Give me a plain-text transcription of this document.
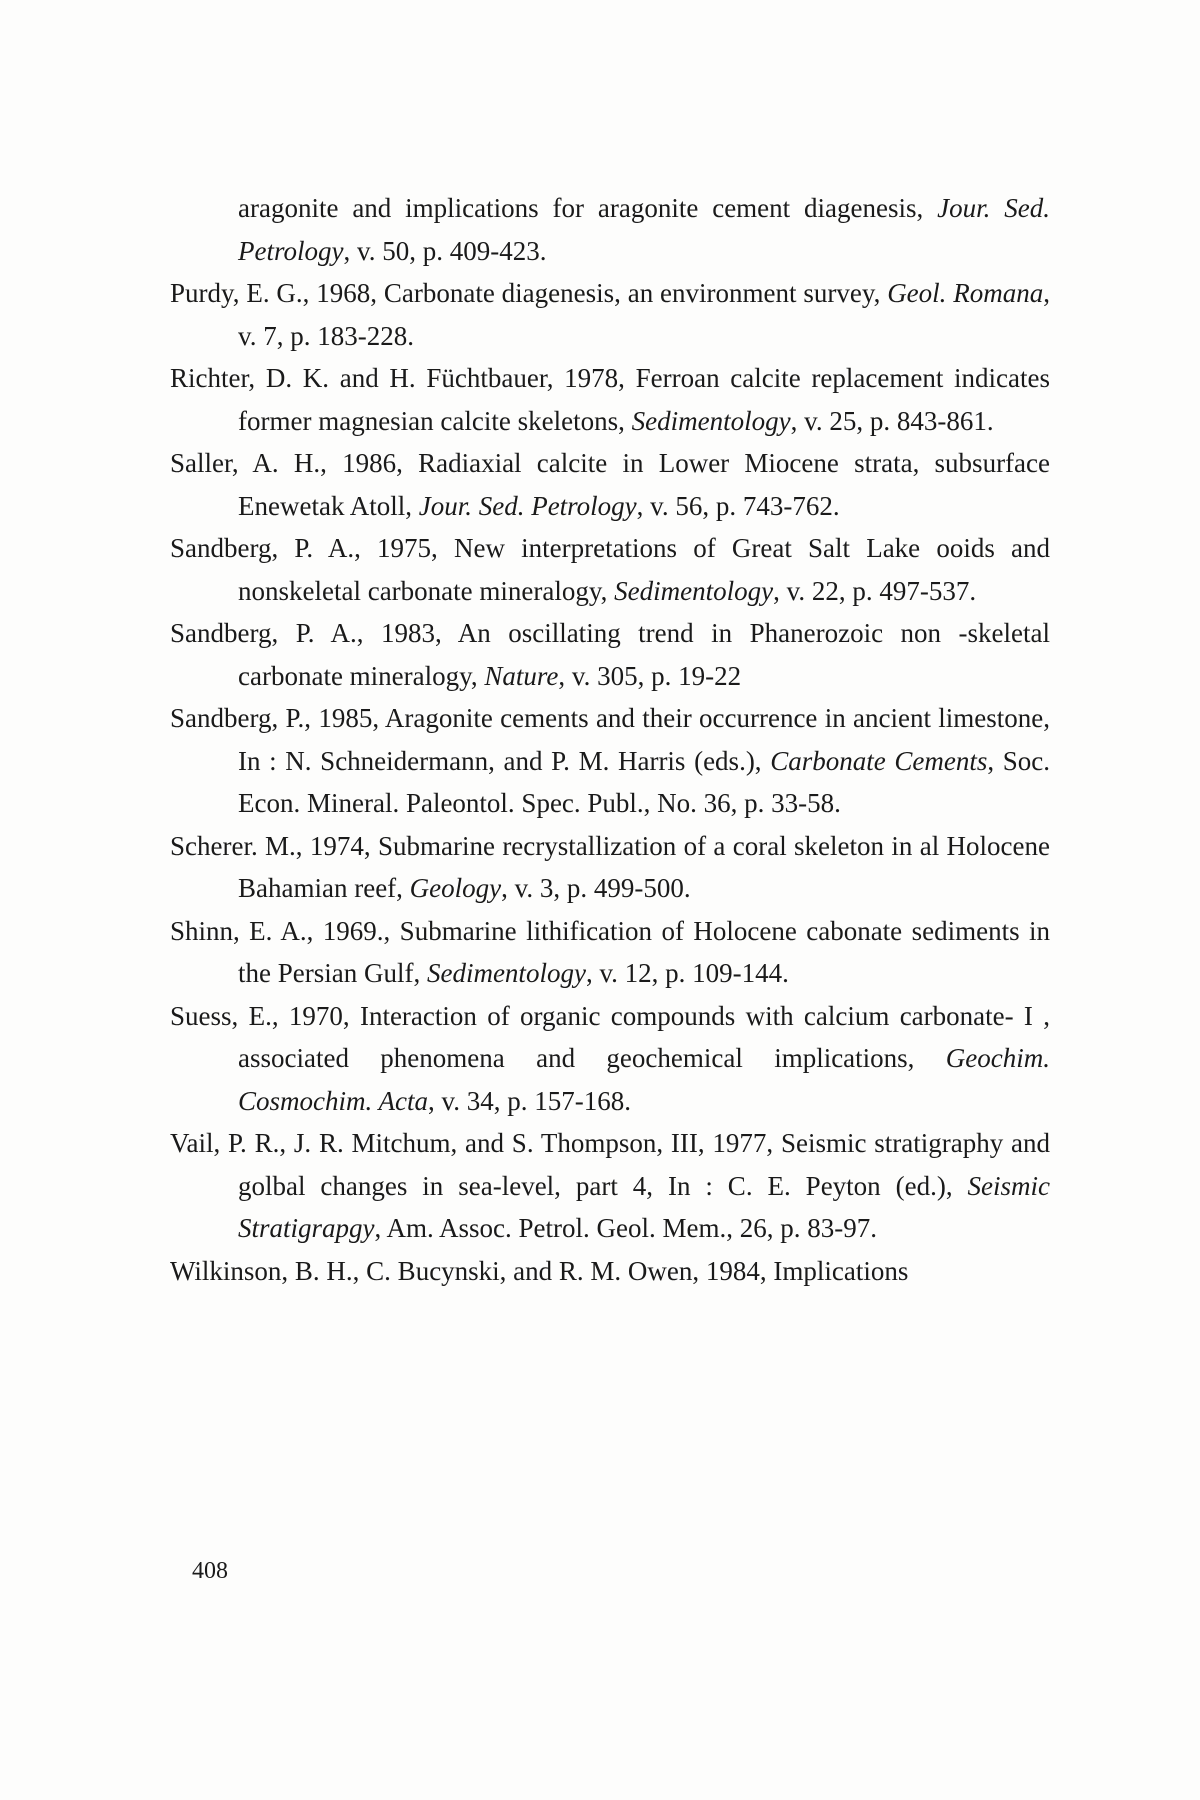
aragonite and implications for aragonite cement diagenesis, Jour. Sed. Petrology, v. 50, p. 409-423.

Purdy, E. G., 1968, Carbonate diagenesis, an environment survey, Geol. Romana, v. 7, p. 183-228.

Richter, D. K. and H. Füchtbauer, 1978, Ferroan calcite replacement indicates former magnesian calcite skeletons, Sedimentology, v. 25, p. 843-861.

Saller, A. H., 1986, Radiaxial calcite in Lower Miocene strata, subsurface Enewetak Atoll, Jour. Sed. Petrology, v. 56, p. 743-762.

Sandberg, P. A., 1975, New interpretations of Great Salt Lake ooids and nonskeletal carbonate mineralogy, Sedimentology, v. 22, p. 497-537.

Sandberg, P. A., 1983, An oscillating trend in Phanerozoic non -skeletal carbonate mineralogy, Nature, v. 305, p. 19-22

Sandberg, P., 1985, Aragonite cements and their occurrence in ancient limestone, In : N. Schneidermann, and P. M. Harris (eds.), Carbonate Cements, Soc. Econ. Mineral. Paleontol. Spec. Publ., No. 36, p. 33-58.

Scherer. M., 1974, Submarine recrystallization of a coral skeleton in al Holocene Bahamian reef, Geology, v. 3, p. 499-500.

Shinn, E. A., 1969., Submarine lithification of Holocene cabonate sediments in the Persian Gulf, Sedimentology, v. 12, p. 109-144.

Suess, E., 1970, Interaction of organic compounds with calcium carbonate- I , associated phenomena and geochemical implications, Geochim. Cosmochim. Acta, v. 34, p. 157-168.

Vail, P. R., J. R. Mitchum, and S. Thompson, III, 1977, Seismic stratigraphy and golbal changes in sea-level, part 4, In : C. E. Peyton (ed.), Seismic Stratigrapgy, Am. Assoc. Petrol. Geol. Mem., 26, p. 83-97.

Wilkinson, B. H., C. Bucynski, and R. M. Owen, 1984, Implications

408
